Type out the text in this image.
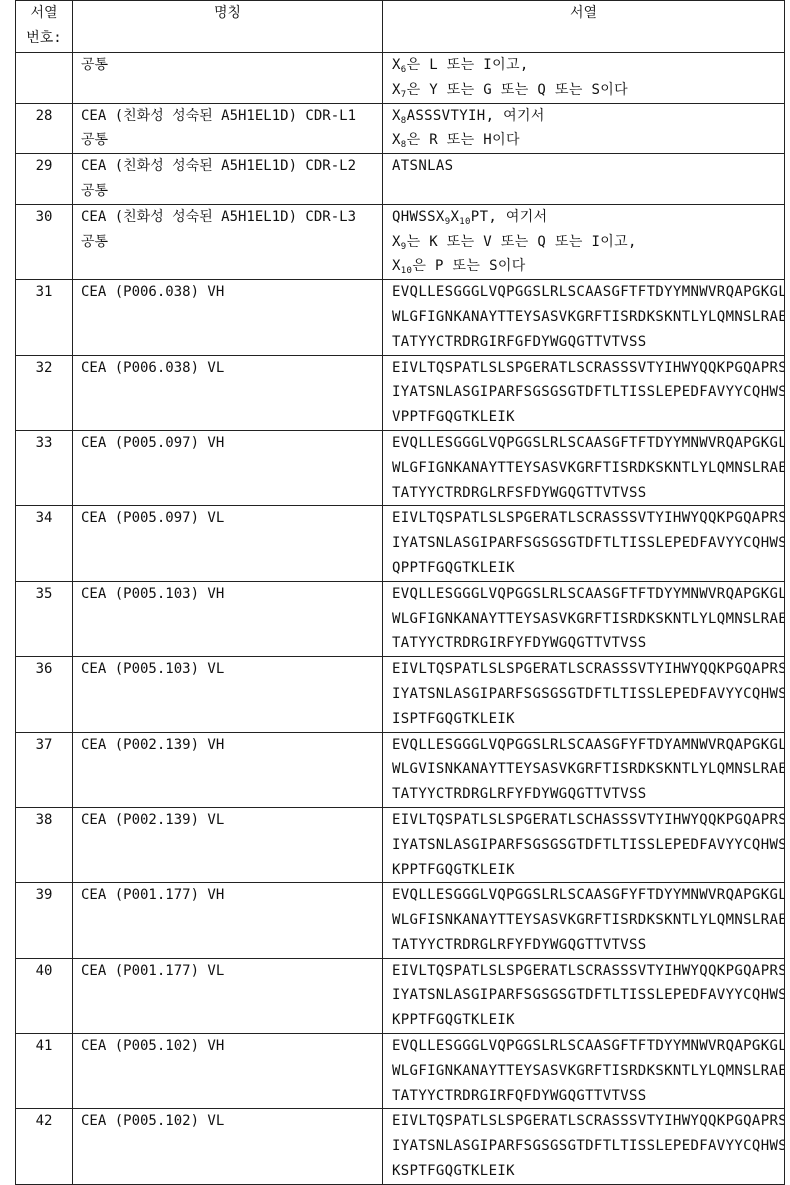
서열
번호:
	명칭	서열

공통	X6은 L 또는 I이고,
X7은 Y 또는 G 또는 Q 또는 S이다

28	CEA (친화성 성숙된 A5H1EL1D) CDR-L1
공통

X8ASSSVTYIH, 여기서
X8은 R 또는 H이다

29	CEA (친화성 성숙된 A5H1EL1D) CDR-L2
공통

ATSNLAS

30	CEA (친화성 성숙된 A5H1EL1D) CDR-L3
공통

QHWSSX9X10PT, 여기서
X9는 K 또는 V 또는 Q 또는 I이고,
X10은 P 또는 S이다

31	CEA (P006.038) VH	EVQLLESGGGLVQPGGSLRLSCAASGFTFTDYYMNWVRQAPGKGLE
WLGFIGNKANAYTTEYSASVKGRFTISRDKSKNTLYLQMNSLRAED
TATYYCTRDRGIRFGFDYWGQGTTVTVSS

32	CEA (P006.038) VL	EIVLTQSPATLSLSPGERATLSCRASSSVTYIHWYQQKPGQAPRSW
IYATSNLASGIPARFSGSGSGTDFTLTISSLEPEDFAVYYCQHWSS
VPPTFGQGTKLEIK

33	CEA (P005.097) VH	EVQLLESGGGLVQPGGSLRLSCAASGFTFTDYYMNWVRQAPGKGLE
WLGFIGNKANAYTTEYSASVKGRFTISRDKSKNTLYLQMNSLRAED
TATYYCTRDRGLRFSFDYWGQGTTVTVSS

34	CEA (P005.097) VL	EIVLTQSPATLSLSPGERATLSCRASSSVTYIHWYQQKPGQAPRSW
IYATSNLASGIPARFSGSGSGTDFTLTISSLEPEDFAVYYCQHWSS
QPPTFGQGTKLEIK

35	CEA (P005.103) VH	EVQLLESGGGLVQPGGSLRLSCAASGFTFTDYYMNWVRQAPGKGLE
WLGFIGNKANAYTTEYSASVKGRFTISRDKSKNTLYLQMNSLRAED
TATYYCTRDRGIRFYFDYWGQGTTVTVSS

36	CEA (P005.103) VL	EIVLTQSPATLSLSPGERATLSCRASSSVTYIHWYQQKPGQAPRSW
IYATSNLASGIPARFSGSGSGTDFTLTISSLEPEDFAVYYCQHWSS
ISPTFGQGTKLEIK

37	CEA (P002.139) VH	EVQLLESGGGLVQPGGSLRLSCAASGFYFTDYAMNWVRQAPGKGLE
WLGVISNKANAYTTEYSASVKGRFTISRDKSKNTLYLQMNSLRAED
TATYYCTRDRGLRFYFDYWGQGTTVTVSS

38	CEA (P002.139) VL	EIVLTQSPATLSLSPGERATLSCHASSSVTYIHWYQQKPGQAPRSW
IYATSNLASGIPARFSGSGSGTDFTLTISSLEPEDFAVYYCQHWSS
KPPTFGQGTKLEIK

39	CEA (P001.177) VH	EVQLLESGGGLVQPGGSLRLSCAASGFYFTDYYMNWVRQAPGKGLE
WLGFISNKANAYTTEYSASVKGRFTISRDKSKNTLYLQMNSLRAED
TATYYCTRDRGLRFYFDYWGQGTTVTVSS

40	CEA (P001.177) VL	EIVLTQSPATLSLSPGERATLSCRASSSVTYIHWYQQKPGQAPRSW
IYATSNLASGIPARFSGSGSGTDFTLTISSLEPEDFAVYYCQHWSS
KPPTFGQGTKLEIK

41	CEA (P005.102) VH	EVQLLESGGGLVQPGGSLRLSCAASGFTFTDYYMNWVRQAPGKGLE
WLGFIGNKANAYTTEYSASVKGRFTISRDKSKNTLYLQMNSLRAED
TATYYCTRDRGIRFQFDYWGQGTTVTVSS

42	CEA (P005.102) VL	EIVLTQSPATLSLSPGERATLSCRASSSVTYIHWYQQKPGQAPRSW
IYATSNLASGIPARFSGSGSGTDFTLTISSLEPEDFAVYYCQHWSS
KSPTFGQGTKLEIK
